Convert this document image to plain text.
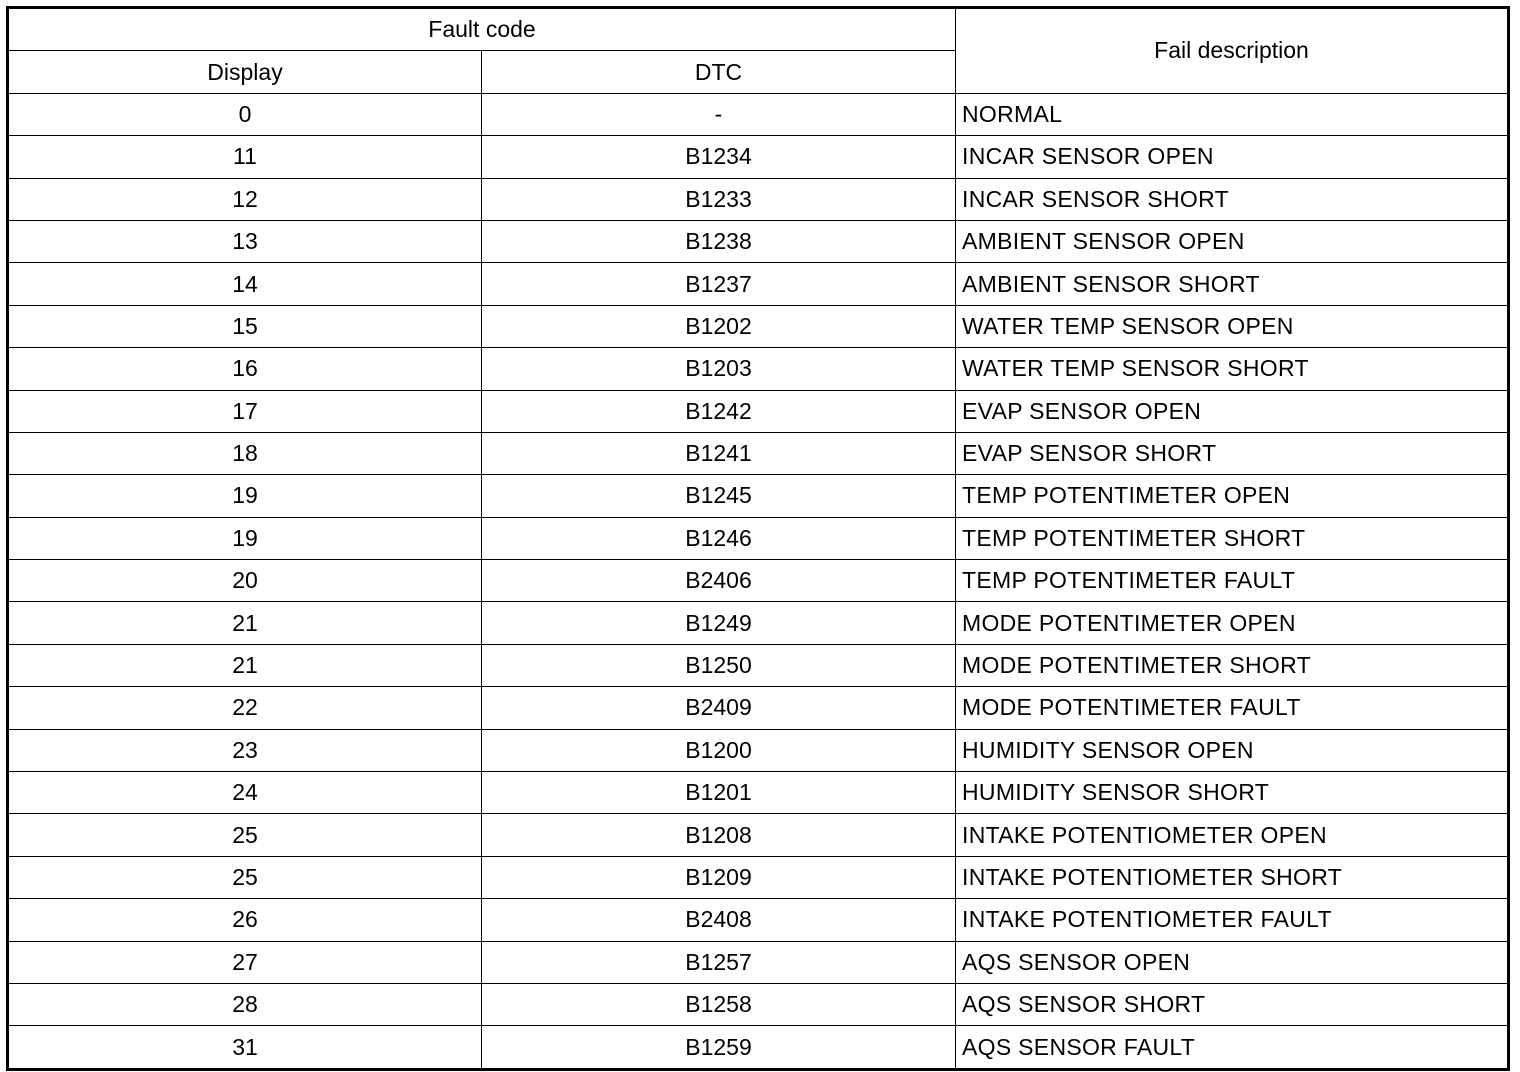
Fault code		Fail description
Display	DTC	
0	-	NORMAL
11	B1234	INCAR SENSOR OPEN
12	B1233	INCAR SENSOR SHORT
13	B1238	AMBIENT SENSOR OPEN
14	B1237	AMBIENT SENSOR SHORT
15	B1202	WATER TEMP SENSOR OPEN
16	B1203	WATER TEMP SENSOR SHORT
17	B1242	EVAP SENSOR OPEN
18	B1241	EVAP SENSOR SHORT
19	B1245	TEMP POTENTIMETER OPEN
19	B1246	TEMP POTENTIMETER SHORT
20	B2406	TEMP POTENTIMETER FAULT
21	B1249	MODE POTENTIMETER OPEN
21	B1250	MODE POTENTIMETER SHORT
22	B2409	MODE POTENTIMETER FAULT
23	B1200	HUMIDITY SENSOR OPEN
24	B1201	HUMIDITY SENSOR SHORT
25	B1208	INTAKE POTENTIOMETER OPEN
25	B1209	INTAKE POTENTIOMETER SHORT
26	B2408	INTAKE POTENTIOMETER FAULT
27	B1257	AQS SENSOR OPEN
28	B1258	AQS SENSOR SHORT
31	B1259	AQS SENSOR FAULT
